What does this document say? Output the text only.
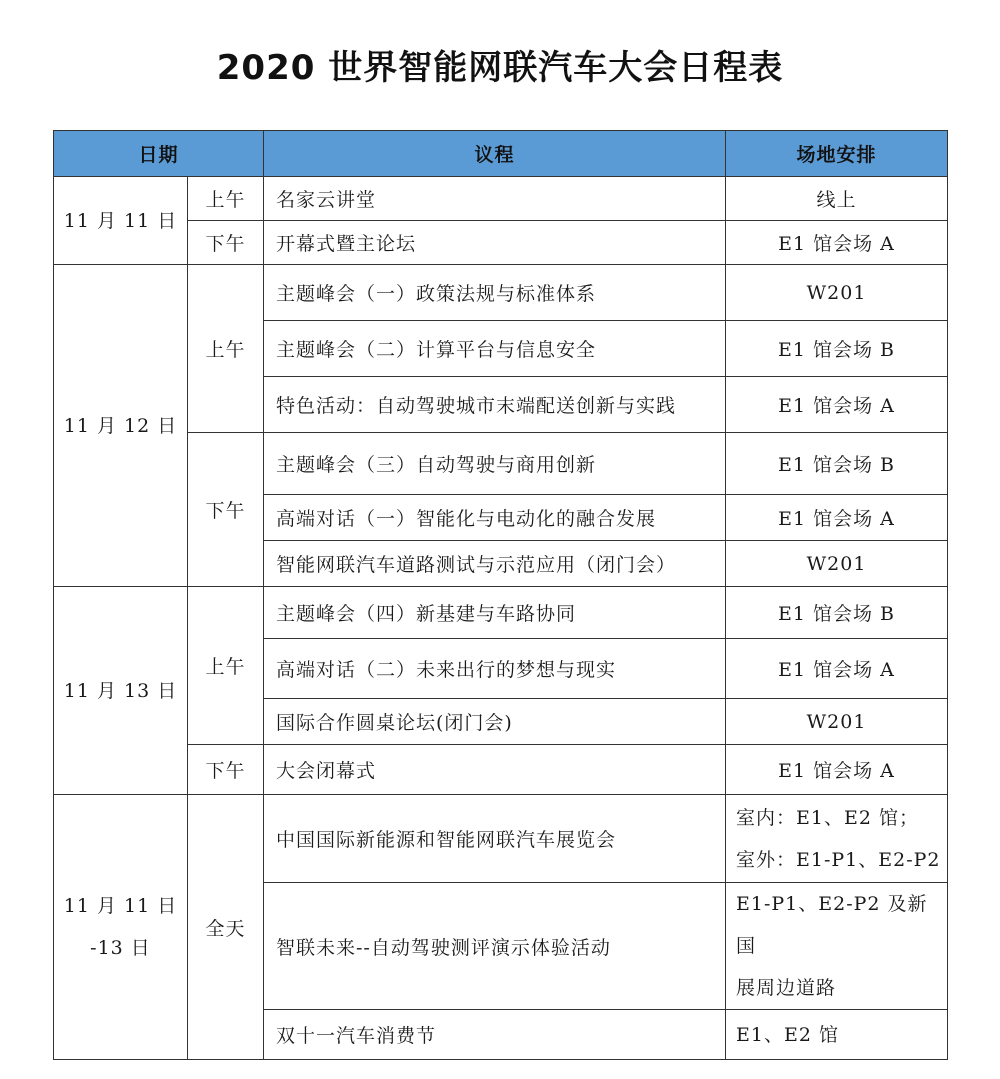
2020 世界智能网联汽车大会日程表
日期		议程	场地安排

11 月 11 日	上午	名家云讲堂	线上

	下午	开幕式暨主论坛	E1 馆会场 A

11 月 12 日	上午	主题峰会（一）政策法规与标准体系	W201

		主题峰会（二）计算平台与信息安全	E1 馆会场 B

		特色活动：自动驾驶城市末端配送创新与实践	E1 馆会场 A

	下午	主题峰会（三）自动驾驶与商用创新	E1 馆会场 B

		高端对话（一）智能化与电动化的融合发展	E1 馆会场 A

		智能网联汽车道路测试与示范应用（闭门会）	W201

11 月 13 日	上午	主题峰会（四）新基建与车路协同	E1 馆会场 B

		高端对话（二）未来出行的梦想与现实	E1 馆会场 A

		国际合作圆桌论坛(闭门会)	W201

	下午	大会闭幕式	E1 馆会场 A

11 月 11 日
-13 日	全天	中国国际新能源和智能网联汽车展览会	室内：E1、E2 馆；
室外：E1-P1、E2-P2

		智联未来--自动驾驶测评演示体验活动	E1-P1、E2-P2 及新国
展周边道路

		双十一汽车消费节	E1、E2 馆
